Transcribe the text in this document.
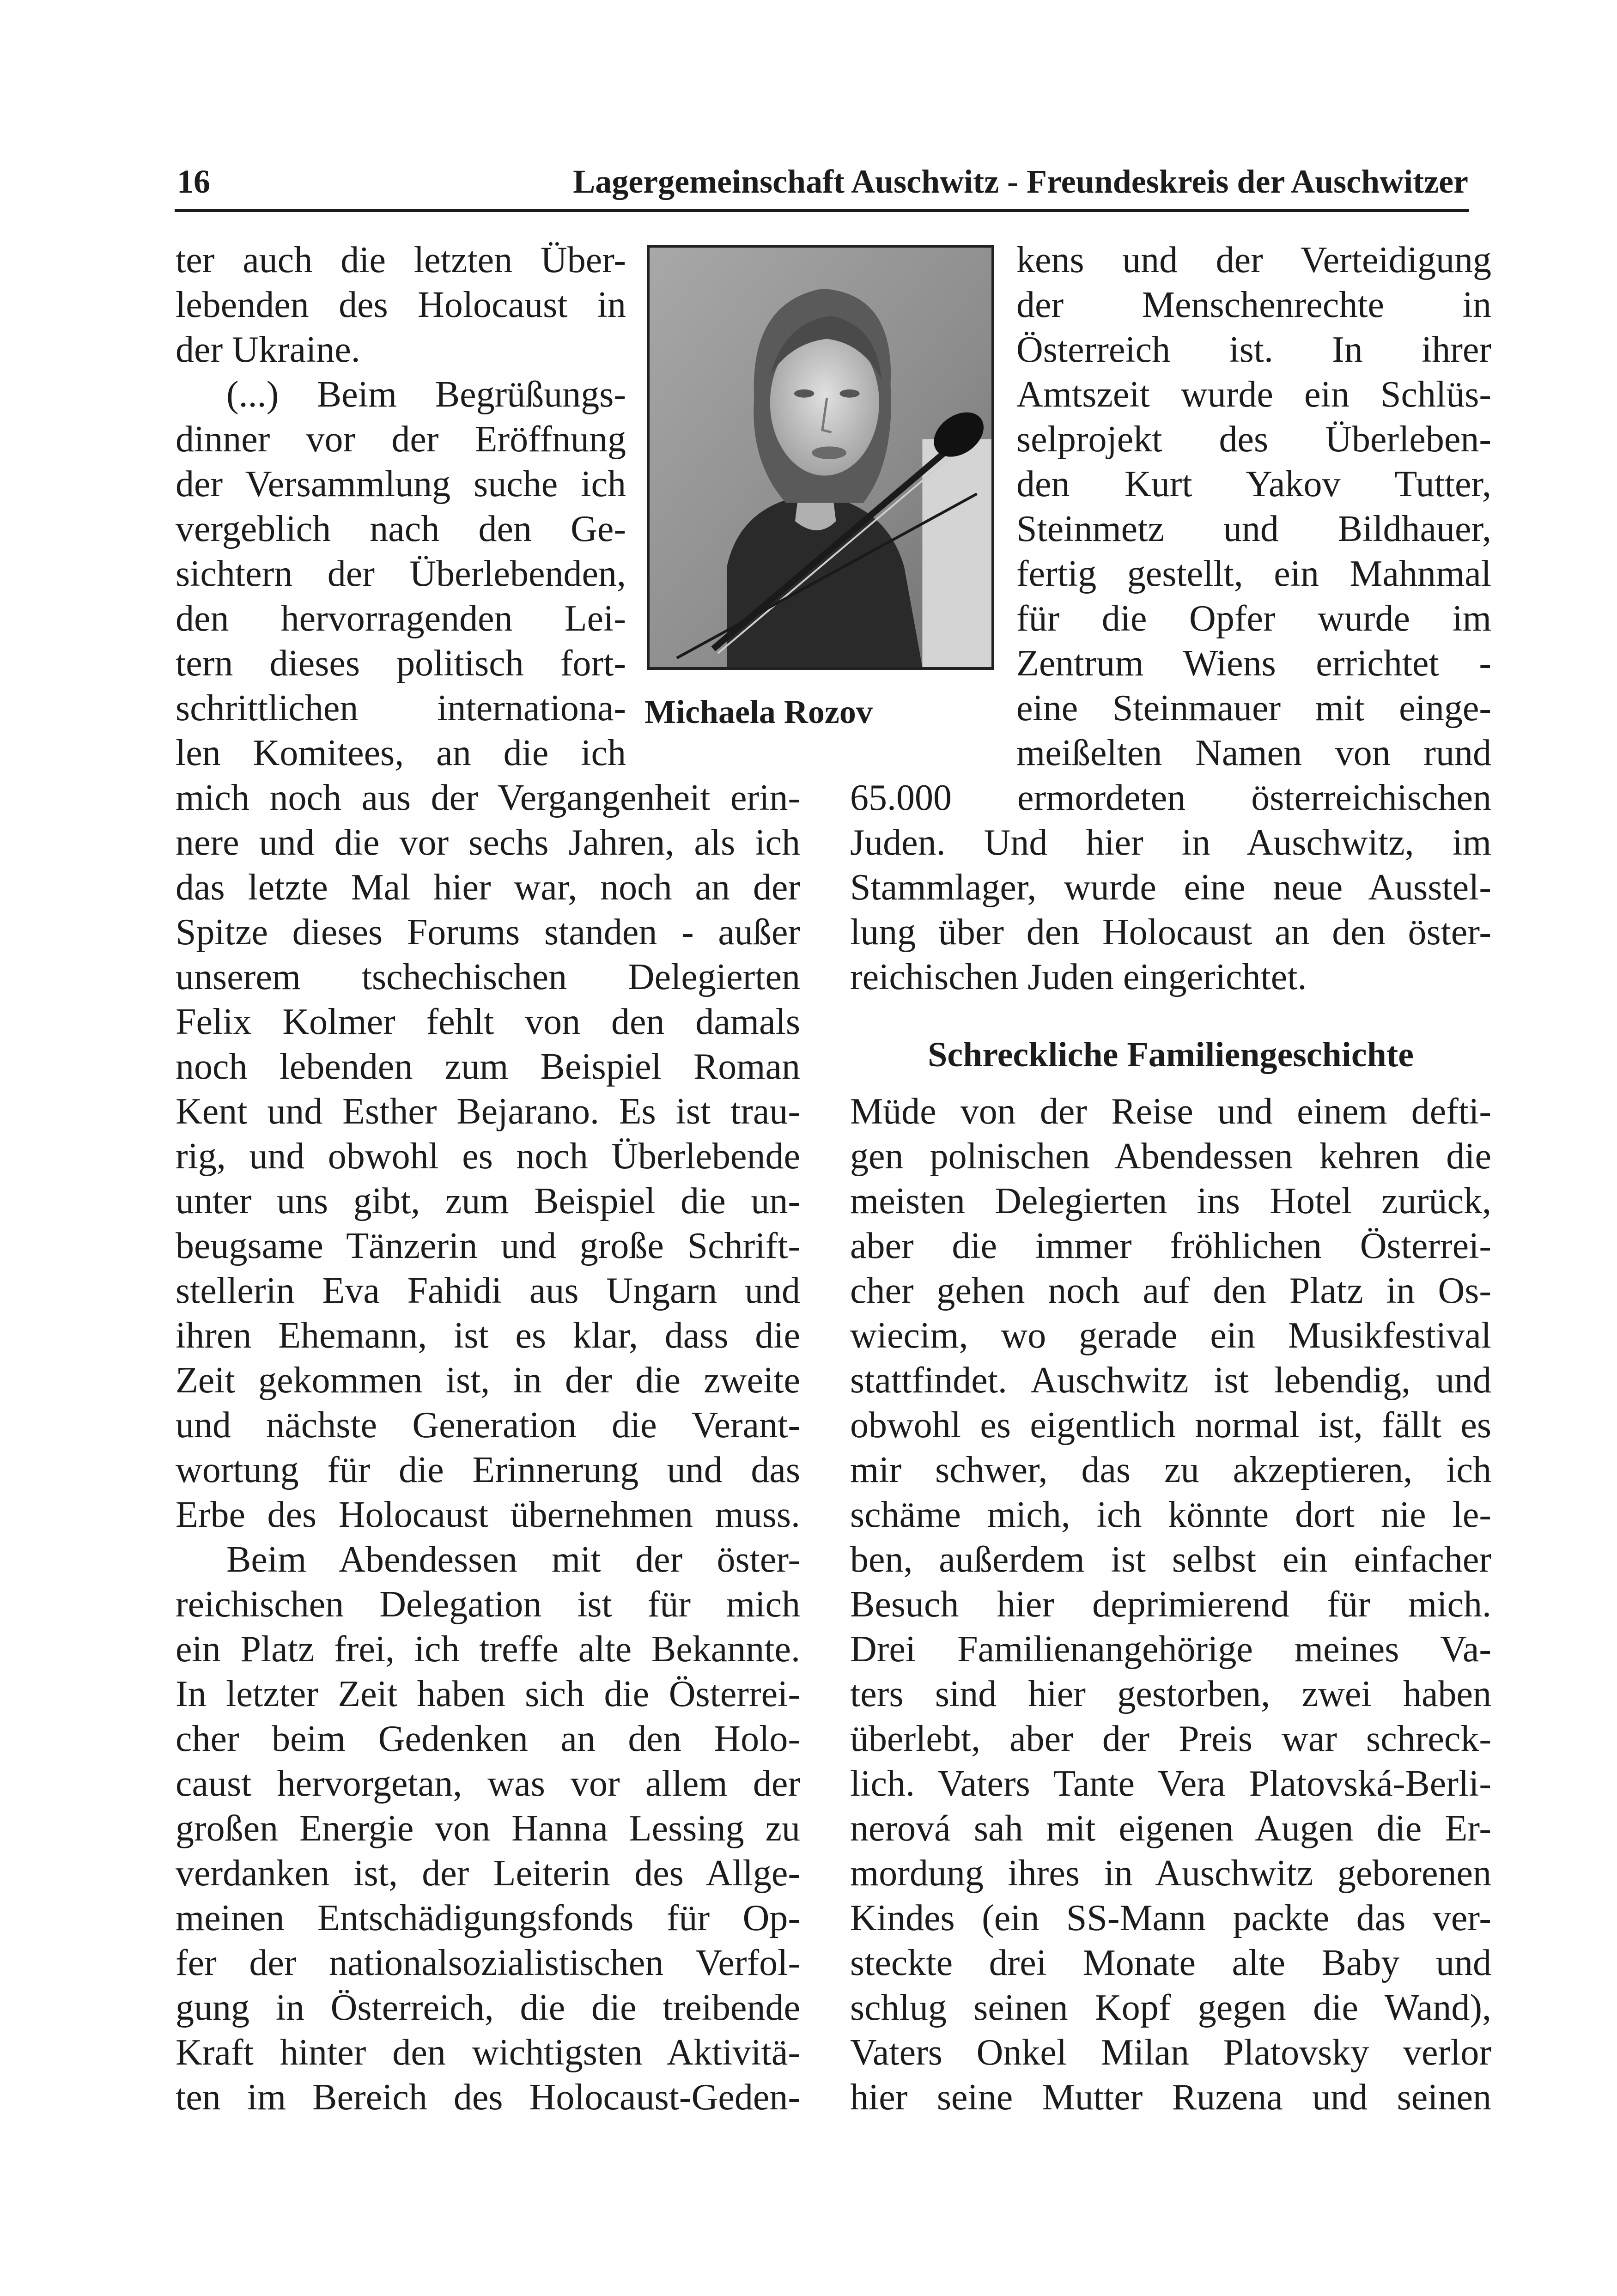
16	Lagergemeinschaft Auschwitz - Freundeskreis der Auschwitzer
Michaela Rozov
ter auch die letzten Über-
lebenden des Holocaust in
der Ukraine.
(...) Beim Begrüßungs-
dinner vor der Eröffnung
der Versammlung suche ich
vergeblich nach den Ge-
sichtern der Überlebenden,
den hervorragenden Lei-
tern dieses politisch fort-
schrittlichen internationa-
len Komitees, an die ich
mich noch aus der Vergangenheit erin-
nere und die vor sechs Jahren, als ich
das letzte Mal hier war, noch an der
Spitze dieses Forums standen - außer
unserem tschechischen Delegierten
Felix Kolmer fehlt von den damals
noch lebenden zum Beispiel Roman
Kent und Esther Bejarano. Es ist trau-
rig, und obwohl es noch Überlebende
unter uns gibt, zum Beispiel die un-
beugsame Tänzerin und große Schrift-
stellerin Eva Fahidi aus Ungarn und
ihren Ehemann, ist es klar, dass die
Zeit gekommen ist, in der die zweite
und nächste Generation die Verant-
wortung für die Erinnerung und das
Erbe des Holocaust übernehmen muss.
Beim Abendessen mit der öster-
reichischen Delegation ist für mich
ein Platz frei, ich treffe alte Bekannte.
In letzter Zeit haben sich die Österrei-
cher beim Gedenken an den Holo-
caust hervorgetan, was vor allem der
großen Energie von Hanna Lessing zu
verdanken ist, der Leiterin des Allge-
meinen Entschädigungsfonds für Op-
fer der nationalsozialistischen Verfol-
gung in Österreich, die die treibende
Kraft hinter den wichtigsten Aktivitä-
ten im Bereich des Holocaust-Geden-
kens und der Verteidigung
der Menschenrechte in
Österreich ist. In ihrer
Amtszeit wurde ein Schlüs-
selprojekt des Überleben-
den Kurt Yakov Tutter,
Steinmetz und Bildhauer,
fertig gestellt, ein Mahnmal
für die Opfer wurde im
Zentrum Wiens errichtet -
eine Steinmauer mit einge-
meißelten Namen von rund
65.000 ermordeten österreichischen
Juden. Und hier in Auschwitz, im
Stammlager, wurde eine neue Ausstel-
lung über den Holocaust an den öster-
reichischen Juden eingerichtet.
Schreckliche Familiengeschichte
Müde von der Reise und einem defti-
gen polnischen Abendessen kehren die
meisten Delegierten ins Hotel zurück,
aber die immer fröhlichen Österrei-
cher gehen noch auf den Platz in Os-
wiecim, wo gerade ein Musikfestival
stattfindet. Auschwitz ist lebendig, und
obwohl es eigentlich normal ist, fällt es
mir schwer, das zu akzeptieren, ich
schäme mich, ich könnte dort nie le-
ben, außerdem ist selbst ein einfacher
Besuch hier deprimierend für mich.
Drei Familienangehörige meines Va-
ters sind hier gestorben, zwei haben
überlebt, aber der Preis war schreck-
lich. Vaters Tante Vera Platovská-Berli-
nerová sah mit eigenen Augen die Er-
mordung ihres in Auschwitz geborenen
Kindes (ein SS-Mann packte das ver-
steckte drei Monate alte Baby und
schlug seinen Kopf gegen die Wand),
Vaters Onkel Milan Platovsky verlor
hier seine Mutter Ruzena und seinen
